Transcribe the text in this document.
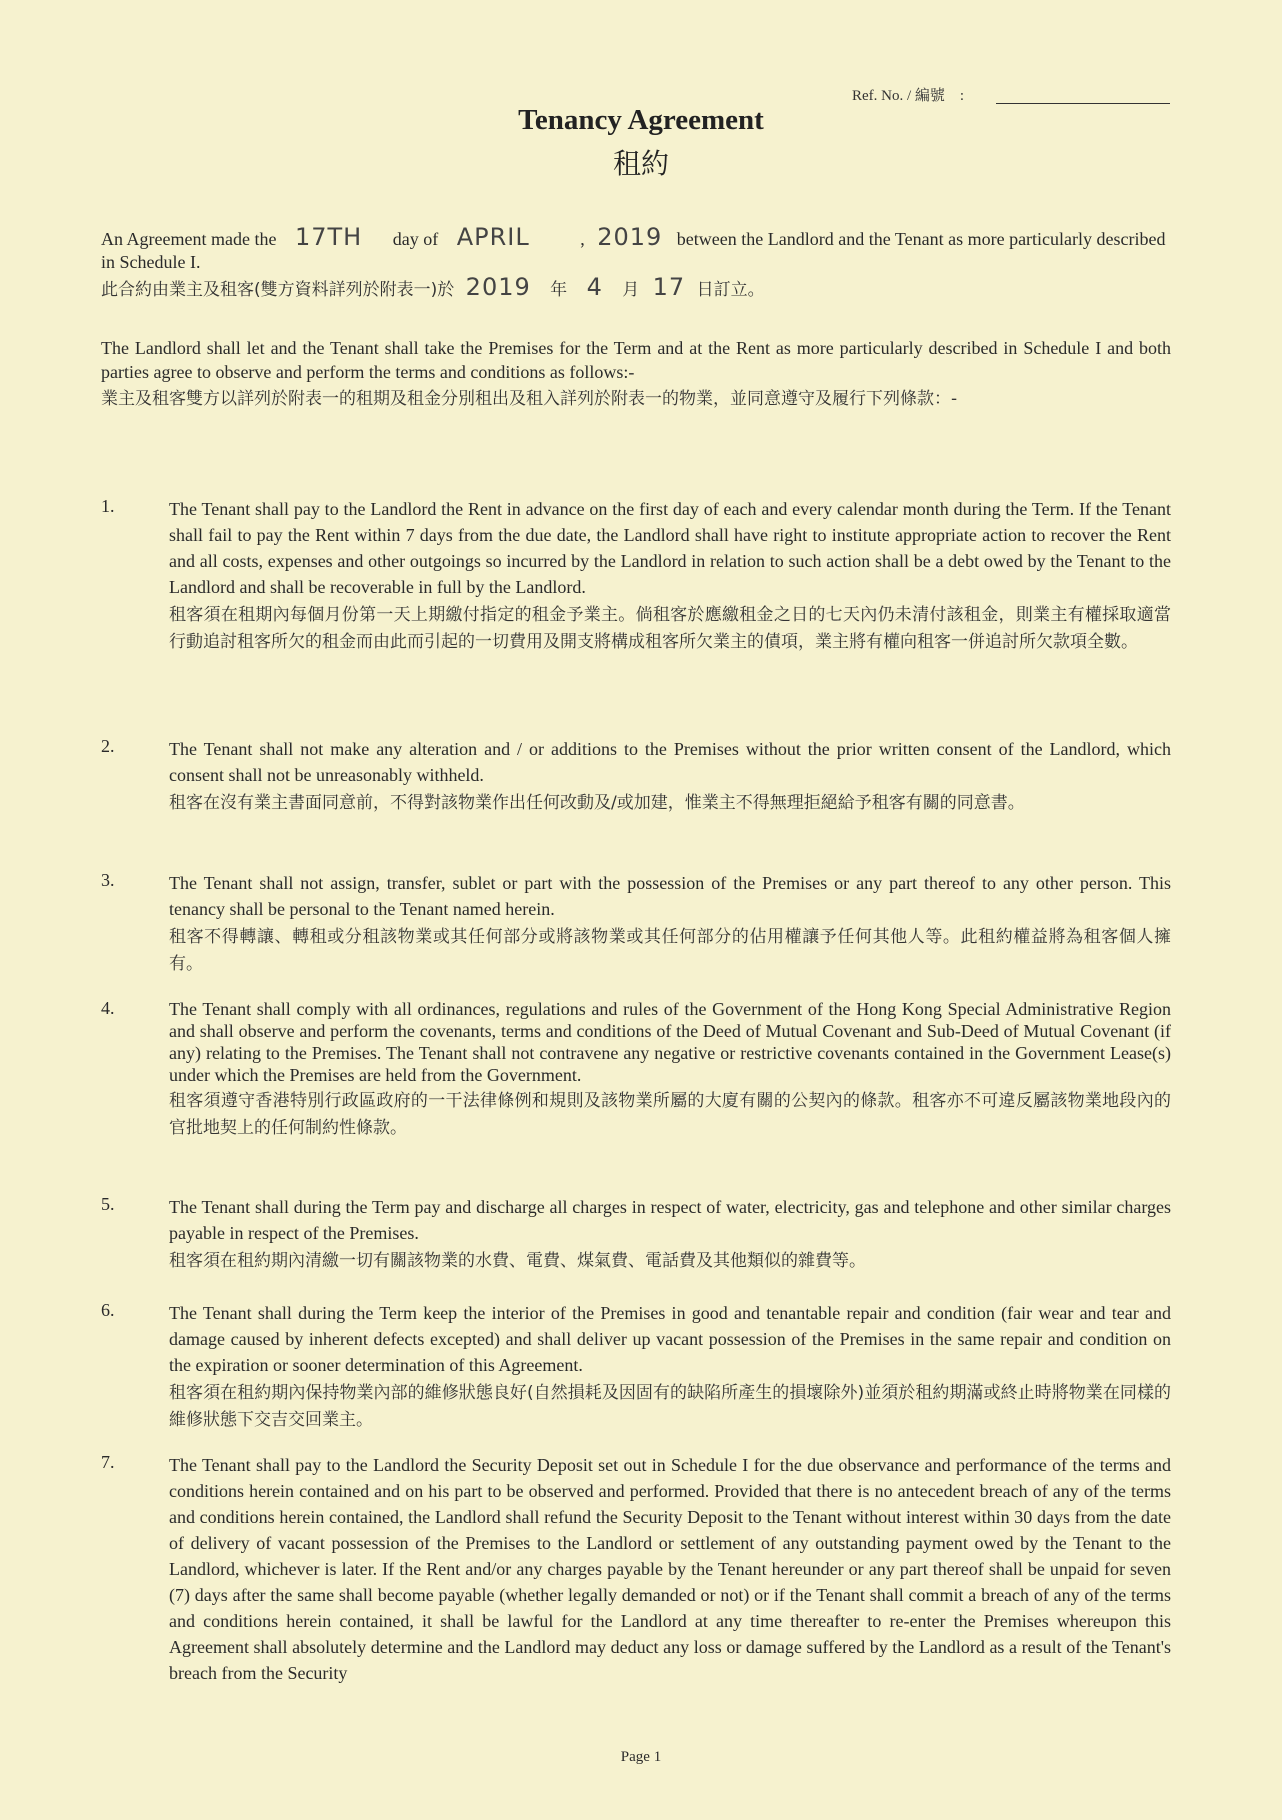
Ref. No. / 編號　:
Tenancy Agreement
租約
An Agreement made the 17TH day of APRIL	, 2019 between the Landlord and the Tenant as more particularly described in Schedule I.
此合約由業主及租客(雙方資料詳列於附表一)於 2019 年 4 月 17 日訂立。
The Landlord shall let and the Tenant shall take the Premises for the Term and at the Rent as more particularly described in Schedule I and both parties agree to observe and perform the terms and conditions as follows:-
業主及租客雙方以詳列於附表一的租期及租金分別租出及租入詳列於附表一的物業，並同意遵守及履行下列條款：-
1.	The Tenant shall pay to the Landlord the Rent in advance on the first day of each and every calendar month during the Term. If the Tenant shall fail to pay the Rent within 7 days from the due date, the Landlord shall have right to institute appropriate action to recover the Rent and all costs, expenses and other outgoings so incurred by the Landlord in relation to such action shall be a debt owed by the Tenant to the Landlord and shall be recoverable in full by the Landlord.
租客須在租期內每個月份第一天上期繳付指定的租金予業主。倘租客於應繳租金之日的七天內仍未清付該租金，則業主有權採取適當行動追討租客所欠的租金而由此而引起的一切費用及開支將構成租客所欠業主的債項，業主將有權向租客一併追討所欠款項全數。
2.	The Tenant shall not make any alteration and / or additions to the Premises without the prior written consent of the Landlord, which consent shall not be unreasonably withheld.
租客在沒有業主書面同意前，不得對該物業作出任何改動及/或加建，惟業主不得無理拒絕給予租客有關的同意書。
3.	The Tenant shall not assign, transfer, sublet or part with the possession of the Premises or any part thereof to any other person. This tenancy shall be personal to the Tenant named herein.
租客不得轉讓、轉租或分租該物業或其任何部分或將該物業或其任何部分的佔用權讓予任何其他人等。此租約權益將為租客個人擁有。
4.	The Tenant shall comply with all ordinances, regulations and rules of the Government of the Hong Kong Special Administrative Region and shall observe and perform the covenants, terms and conditions of the Deed of Mutual Covenant and Sub-Deed of Mutual Covenant (if any) relating to the Premises. The Tenant shall not contravene any negative or restrictive covenants contained in the Government Lease(s) under which the Premises are held from the Government.
租客須遵守香港特別行政區政府的一干法律條例和規則及該物業所屬的大廈有關的公契內的條款。租客亦不可違反屬該物業地段內的官批地契上的任何制約性條款。
5.	The Tenant shall during the Term pay and discharge all charges in respect of water, electricity, gas and telephone and other similar charges payable in respect of the Premises.
租客須在租約期內清繳一切有關該物業的水費、電費、煤氣費、電話費及其他類似的雜費等。
6.	The Tenant shall during the Term keep the interior of the Premises in good and tenantable repair and condition (fair wear and tear and damage caused by inherent defects excepted) and shall deliver up vacant possession of the Premises in the same repair and condition on the expiration or sooner determination of this Agreement.
租客須在租約期內保持物業內部的維修狀態良好(自然損耗及因固有的缺陷所產生的損壞除外)並須於租約期滿或終止時將物業在同樣的維修狀態下交吉交回業主。
7.	The Tenant shall pay to the Landlord the Security Deposit set out in Schedule I for the due observance and performance of the terms and conditions herein contained and on his part to be observed and performed. Provided that there is no antecedent breach of any of the terms and conditions herein contained, the Landlord shall refund the Security Deposit to the Tenant without interest within 30 days from the date of delivery of vacant possession of the Premises to the Landlord or settlement of any outstanding payment owed by the Tenant to the Landlord, whichever is later. If the Rent and/or any charges payable by the Tenant hereunder or any part thereof shall be unpaid for seven (7) days after the same shall become payable (whether legally demanded or not) or if the Tenant shall commit a breach of any of the terms and conditions herein contained, it shall be lawful for the Landlord at any time thereafter to re-enter the Premises whereupon this Agreement shall absolutely determine and the Landlord may deduct any loss or damage suffered by the Landlord as a result of the Tenant's breach from the Security
Page 1
